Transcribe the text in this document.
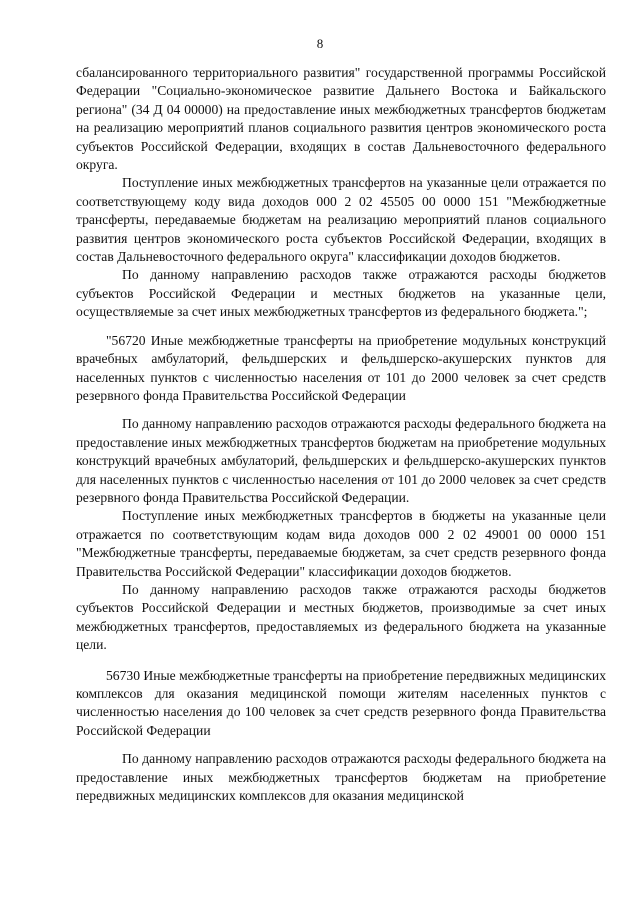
8

сбалансированного территориального развития" государственной программы Российской Федерации "Социально-экономическое развитие Дальнего Востока и Байкальского региона" (34 Д 04 00000) на предоставление иных межбюджетных трансфертов бюджетам на реализацию мероприятий планов социального развития центров экономического роста субъектов Российской Федерации, входящих в состав Дальневосточного федерального округа.

Поступление иных межбюджетных трансфертов на указанные цели отражается по соответствующему коду вида доходов 000 2 02 45505 00 0000 151 "Межбюджетные трансферты, передаваемые бюджетам на реализацию мероприятий планов социального развития центров экономического роста субъектов Российской Федерации, входящих в состав Дальневосточного федерального округа" классификации доходов бюджетов.

По данному направлению расходов также отражаются расходы бюджетов субъектов Российской Федерации и местных бюджетов на указанные цели, осуществляемые за счет иных межбюджетных трансфертов из федерального бюджета.";

"56720 Иные межбюджетные трансферты на приобретение модульных конструкций врачебных амбулаторий, фельдшерских и фельдшерско-акушерских пунктов для населенных пунктов с численностью населения от 101 до 2000 человек за счет средств резервного фонда Правительства Российской Федерации

По данному направлению расходов отражаются расходы федерального бюджета на предоставление иных межбюджетных трансфертов бюджетам на приобретение модульных конструкций врачебных амбулаторий, фельдшерских и фельдшерско-акушерских пунктов для населенных пунктов с численностью населения от 101 до 2000 человек за счет средств резервного фонда Правительства Российской Федерации.

Поступление иных межбюджетных трансфертов в бюджеты на указанные цели отражается по соответствующим кодам вида доходов 000 2 02 49001 00 0000 151 "Межбюджетные трансферты, передаваемые бюджетам, за счет средств резервного фонда Правительства Российской Федерации" классификации доходов бюджетов.

По данному направлению расходов также отражаются расходы бюджетов субъектов Российской Федерации и местных бюджетов, производимые за счет иных межбюджетных трансфертов, предоставляемых из федерального бюджета на указанные цели.

56730 Иные межбюджетные трансферты на приобретение передвижных медицинских комплексов для оказания медицинской помощи жителям населенных пунктов с численностью населения до 100 человек за счет средств резервного фонда Правительства Российской Федерации

По данному направлению расходов отражаются расходы федерального бюджета на предоставление иных межбюджетных трансфертов бюджетам на приобретение передвижных медицинских комплексов для оказания медицинской
